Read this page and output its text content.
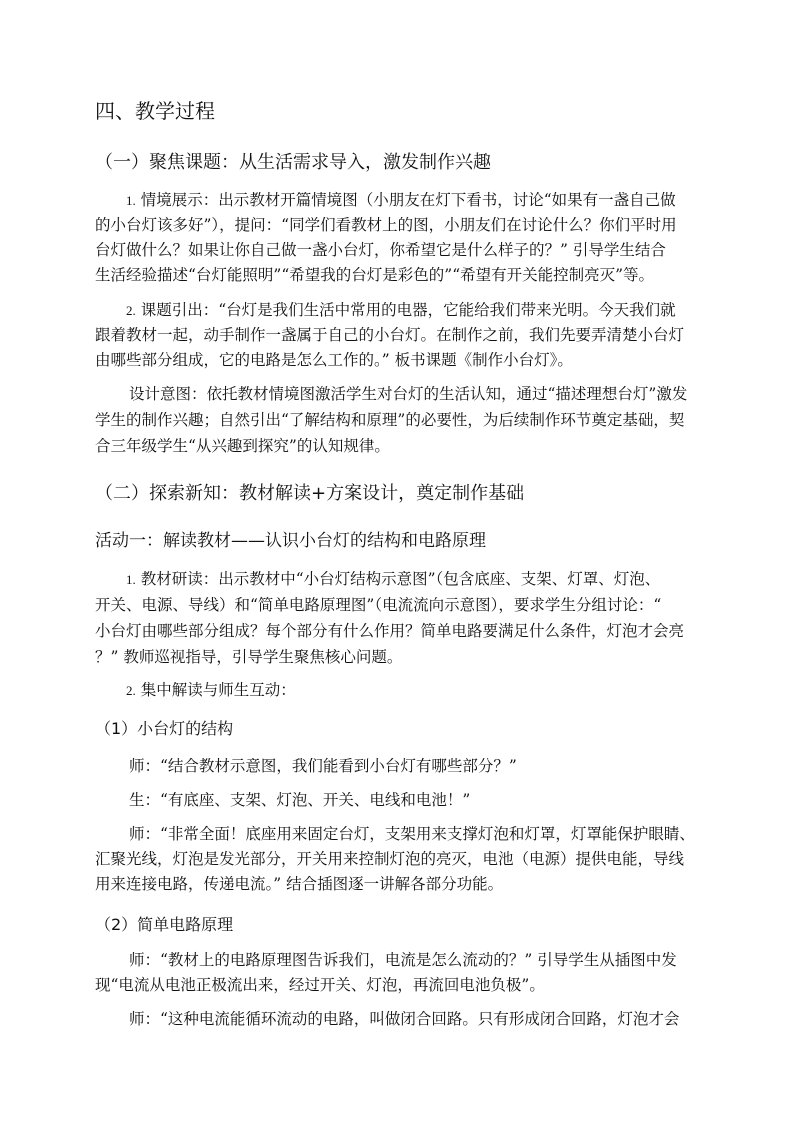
四、教学过程
（一）聚焦课题：从生活需求导入，激发制作兴趣
1. 情境展示：出示教材开篇情境图（小朋友在灯下看书，讨论“如果有一盏自己做
的小台灯该多好”），提问：“同学们看教材上的图，小朋友们在讨论什么？你们平时用
台灯做什么？如果让你自己做一盏小台灯，你希望它是什么样子的？” 引导学生结合
生活经验描述“台灯能照明”“希望我的台灯是彩色的”“希望有开关能控制亮灭”等。
2. 课题引出：“台灯是我们生活中常用的电器，它能给我们带来光明。今天我们就
跟着教材一起，动手制作一盏属于自己的小台灯。在制作之前，我们先要弄清楚小台灯
由哪些部分组成，它的电路是怎么工作的。” 板书课题《制作小台灯》。
设计意图：依托教材情境图激活学生对台灯的生活认知，通过“描述理想台灯”激发
学生的制作兴趣；自然引出“了解结构和原理”的必要性，为后续制作环节奠定基础，契
合三年级学生“从兴趣到探究”的认知规律。
（二）探索新知：教材解读+方案设计，奠定制作基础
活动一：解读教材——认识小台灯的结构和电路原理
1. 教材研读：出示教材中“小台灯结构示意图”（包含底座、支架、灯罩、灯泡、
开关、电源、导线）和“简单电路原理图”（电流流向示意图），要求学生分组讨论：“
小台灯由哪些部分组成？每个部分有什么作用？简单电路要满足什么条件，灯泡才会亮
？” 教师巡视指导，引导学生聚焦核心问题。
2. 集中解读与师生互动：
（1）小台灯的结构
师：“结合教材示意图，我们能看到小台灯有哪些部分？”
生：“有底座、支架、灯泡、开关、电线和电池！”
师：“非常全面！底座用来固定台灯，支架用来支撑灯泡和灯罩，灯罩能保护眼睛、
汇聚光线，灯泡是发光部分，开关用来控制灯泡的亮灭，电池（电源）提供电能，导线
用来连接电路，传递电流。” 结合插图逐一讲解各部分功能。
（2）简单电路原理
师：“教材上的电路原理图告诉我们，电流是怎么流动的？” 引导学生从插图中发
现“电流从电池正极流出来，经过开关、灯泡，再流回电池负极”。
师：“这种电流能循环流动的电路，叫做闭合回路。只有形成闭合回路，灯泡才会
